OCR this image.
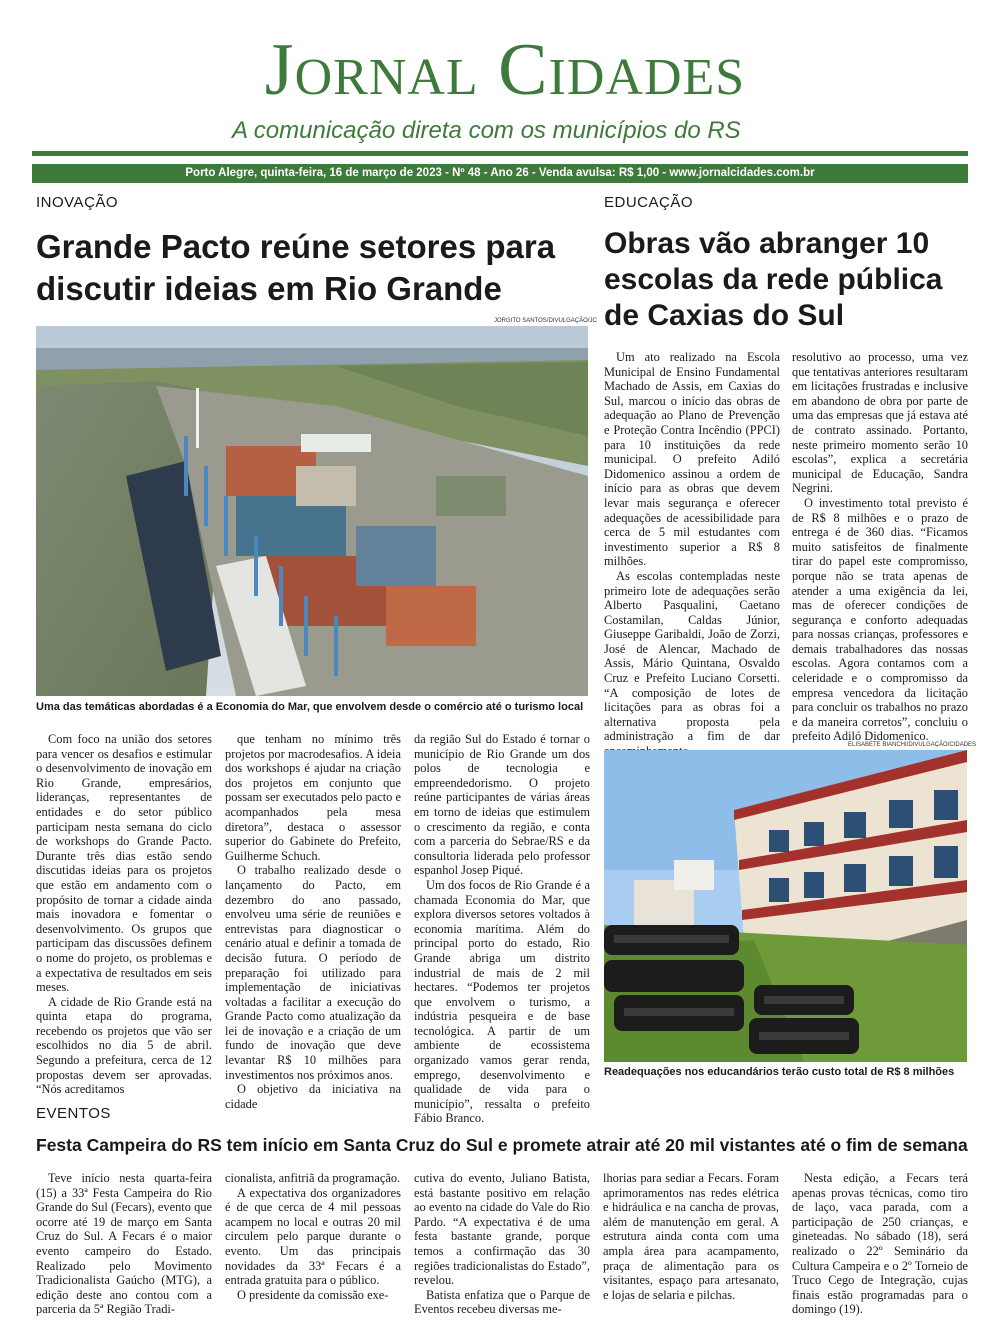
Jornal Cidades
A comunicação direta com os municípios do RS
Porto Alegre, quinta-feira, 16 de março de 2023 - Nº 48 - Ano 26 - Venda avulsa: R$ 1,00 - www.jornalcidades.com.br
INOVAÇÃO
Grande Pacto reúne setores para discutir ideias em Rio Grande
JORGITO SANTOS/DIVULGAÇÃO/JC
Uma das temáticas abordadas é a Economia do Mar, que envolvem desde o comércio até o turismo local

Com foco na união dos setores para vencer os desafios e estimular o desenvolvimento de inovação em Rio Grande, empresários, lideranças, representantes de entidades e do setor público participam nesta semana do ciclo de workshops do Grande Pacto. Durante três dias estão sendo discutidas ideias para os projetos que estão em andamento com o propósito de tornar a cidade ainda mais inovadora e fomentar o desenvolvimento. Os grupos que participam das discussões definem o nome do projeto, os problemas e a expectativa de resultados em seis meses.

A cidade de Rio Grande está na quinta etapa do programa, recebendo os projetos que vão ser escolhidos no dia 5 de abril. Segundo a prefeitura, cerca de 12 propostas devem ser aprovadas. “Nós acreditamos

que tenham no mínimo três projetos por macrodesafios. A ideia dos workshops é ajudar na criação dos projetos em conjunto que possam ser executados pelo pacto e acompanhados pela mesa diretora”, destaca o assessor superior do Gabinete do Prefeito, Guilherme Schuch.

O trabalho realizado desde o lançamento do Pacto, em dezembro do ano passado, envolveu uma série de reuniões e entrevistas para diagnosticar o cenário atual e definir a tomada de decisão futura. O período de preparação foi utilizado para implementação de iniciativas voltadas a facilitar a execução do Grande Pacto como atualização da lei de inovação e a criação de um fundo de inovação que deve levantar R$ 10 milhões para investimentos nos próximos anos.

O objetivo da iniciativa na cidade

da região Sul do Estado é tornar o município de Rio Grande um dos polos de tecnologia e empreendedorismo. O projeto reúne participantes de várias áreas em torno de ideias que estimulem o crescimento da região, e conta com a parceria do Sebrae/RS e da consultoria liderada pelo professor espanhol Josep Piqué.

Um dos focos de Rio Grande é a chamada Economia do Mar, que explora diversos setores voltados à economia marítima. Além do principal porto do estado, Rio Grande abriga um distrito industrial de mais de 2 mil hectares. “Podemos ter projetos que envolvem o turismo, a indústria pesqueira e de base tecnológica. A partir de um ambiente de ecossistema organizado vamos gerar renda, emprego, desenvolvimento e qualidade de vida para o município”, ressalta o prefeito Fábio Branco.

EDUCAÇÃO
Obras vão abranger 10 escolas da rede pública de Caxias do Sul

Um ato realizado na Escola Municipal de Ensino Fundamental Machado de Assis, em Caxias do Sul, marcou o início das obras de adequação ao Plano de Prevenção e Proteção Contra Incêndio (PPCI) para 10 instituições da rede municipal. O prefeito Adiló Didomenico assinou a ordem de início para as obras que devem levar mais segurança e oferecer adequações de acessibilidade para cerca de 5 mil estudantes com investimento superior a R$ 8 milhões.

As escolas contempladas neste primeiro lote de adequações serão Alberto Pasqualini, Caetano Costamilan, Caldas Júnior, Giuseppe Garibaldi, João de Zorzi, José de Alencar, Machado de Assis, Mário Quintana, Osvaldo Cruz e Prefeito Luciano Corsetti. “A composição de lotes de licitações para as obras foi a alternativa proposta pela administração a fim de dar

resolutivo ao processo, uma vez que tentativas anteriores resultaram em licitações frustradas e inclusive em abandono de obra por parte de uma das empresas que já estava até de contrato assinado. Portanto, neste primeiro momento serão 10 escolas”, explica a secretária municipal de Educação, Sandra Negrini.

O investimento total previsto é de R$ 8 milhões e o prazo de entrega é de 360 dias. “Ficamos muito satisfeitos de finalmente tirar do papel este compromisso, porque não se trata apenas de atender a uma exigência da lei, mas de oferecer condições de segurança e conforto adequadas para nossas crianças, professores e demais trabalhadores das nossas escolas. Agora contamos com a celeridade e o compromisso da empresa vencedora da licitação para concluir os trabalhos no prazo e da maneira corretos”, concluiu o prefeito Adiló Didomenico.

ELISABETE BIANCHI/DIVULGAÇÃO/CIDADES
Readequações nos educandários terão custo total de R$ 8 milhões
EVENTOS
Festa Campeira do RS tem início em Santa Cruz do Sul e promete atrair até 20 mil vistantes até o fim de semana

Teve início nesta quarta-feira (15) a 33ª Festa Campeira do Rio Grande do Sul (Fecars), evento que ocorre até 19 de março em Santa Cruz do Sul. A Fecars é o maior evento campeiro do Estado. Realizado pelo Movimento Tradicionalista Gaúcho (MTG), a edição deste ano contou com a parceria da 5ª Região Tradi-

cionalista, anfitriã da programação.

A expectativa dos organizadores é de que cerca de 4 mil pessoas acampem no local e outras 20 mil circulem pelo parque durante o evento. Um das principais novidades da 33ª Fecars é a entrada gratuita para o público.

O presidente da comissão exe-

cutiva do evento, Juliano Batista, está bastante positivo em relação ao evento na cidade do Vale do Rio Pardo. “A expectativa é de uma festa bastante grande, porque temos a confirmação das 30 regiões tradicionalistas do Estado”, revelou.

Batista enfatiza que o Parque de Eventos recebeu diversas me-

lhorias para sediar a Fecars. Foram aprimoramentos nas redes elétrica e hidráulica e na cancha de provas, além de manutenção em geral. A estrutura ainda conta com uma ampla área para acampamento, praça de alimentação para os visitantes, espaço para artesanato, e lojas de selaria e pilchas.

Nesta edição, a Fecars terá apenas provas técnicas, como tiro de laço, vaca parada, com a participação de 250 crianças, e gineteadas. No sábado (18), será realizado o 22º Seminário da Cultura Campeira e o 2º Torneio de Truco Cego de Integração, cujas finais estão programadas para o domingo (19).
